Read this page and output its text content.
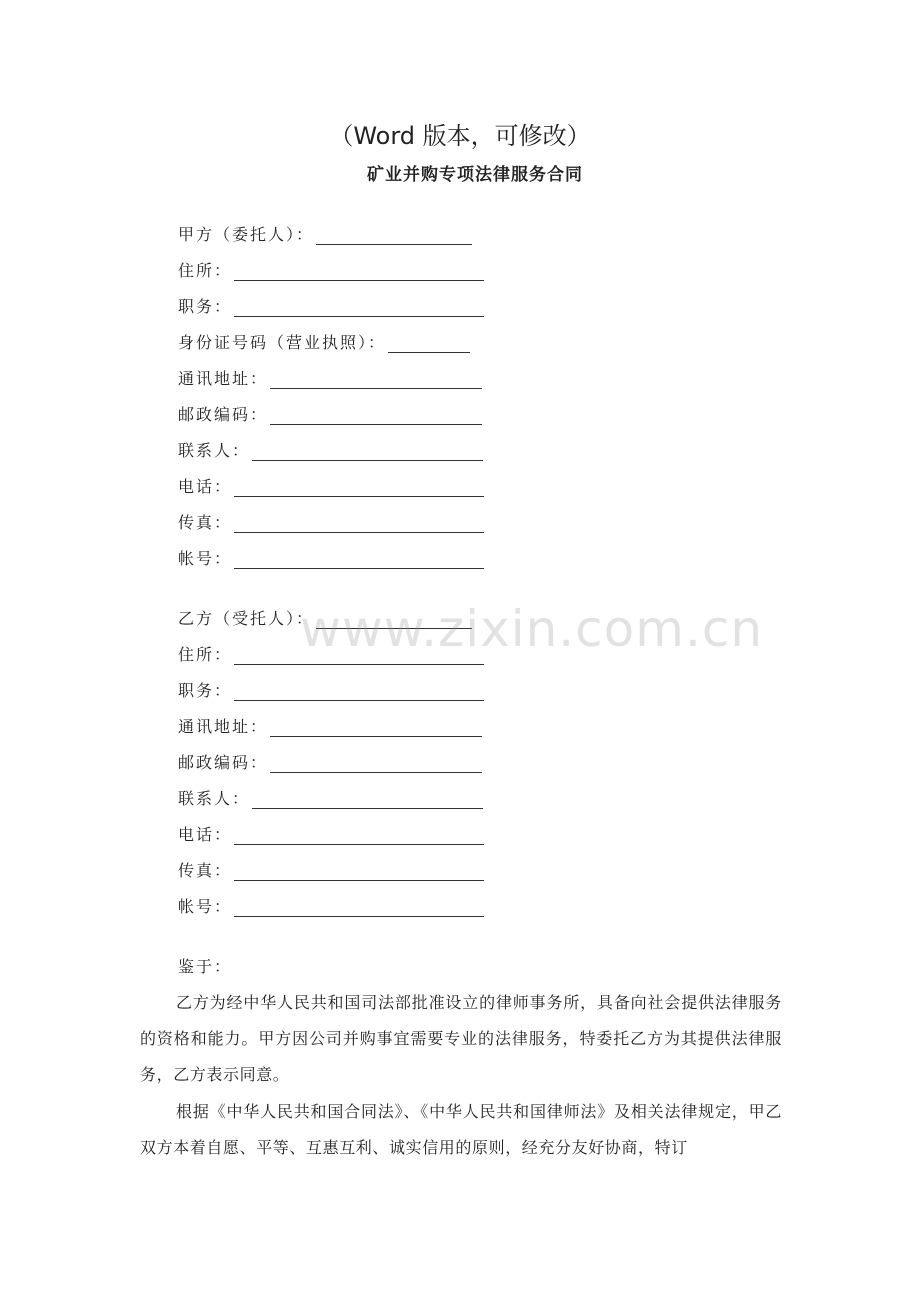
（Word 版本，可修改）
矿业并购专项法律服务合同
甲方（委托人）：
住所：
职务：
身份证号码（营业执照）：
通讯地址：
邮政编码：
联系人：
电话：
传真：
帐号：
乙方（受托人）：
住所：
职务：
通讯地址：
邮政编码：
联系人：
电话：
传真：
帐号：
鉴于：
乙方为经中华人民共和国司法部批准设立的律师事务所，具备向社会提供法律服务的资格和能力。甲方因公司并购事宜需要专业的法律服务，特委托乙方为其提供法律服务，乙方表示同意。
根据《中华人民共和国合同法》、《中华人民共和国律师法》及相关法律规定，甲乙双方本着自愿、平等、互惠互利、诚实信用的原则，经充分友好协商，特订
www.zixin.com.cn
